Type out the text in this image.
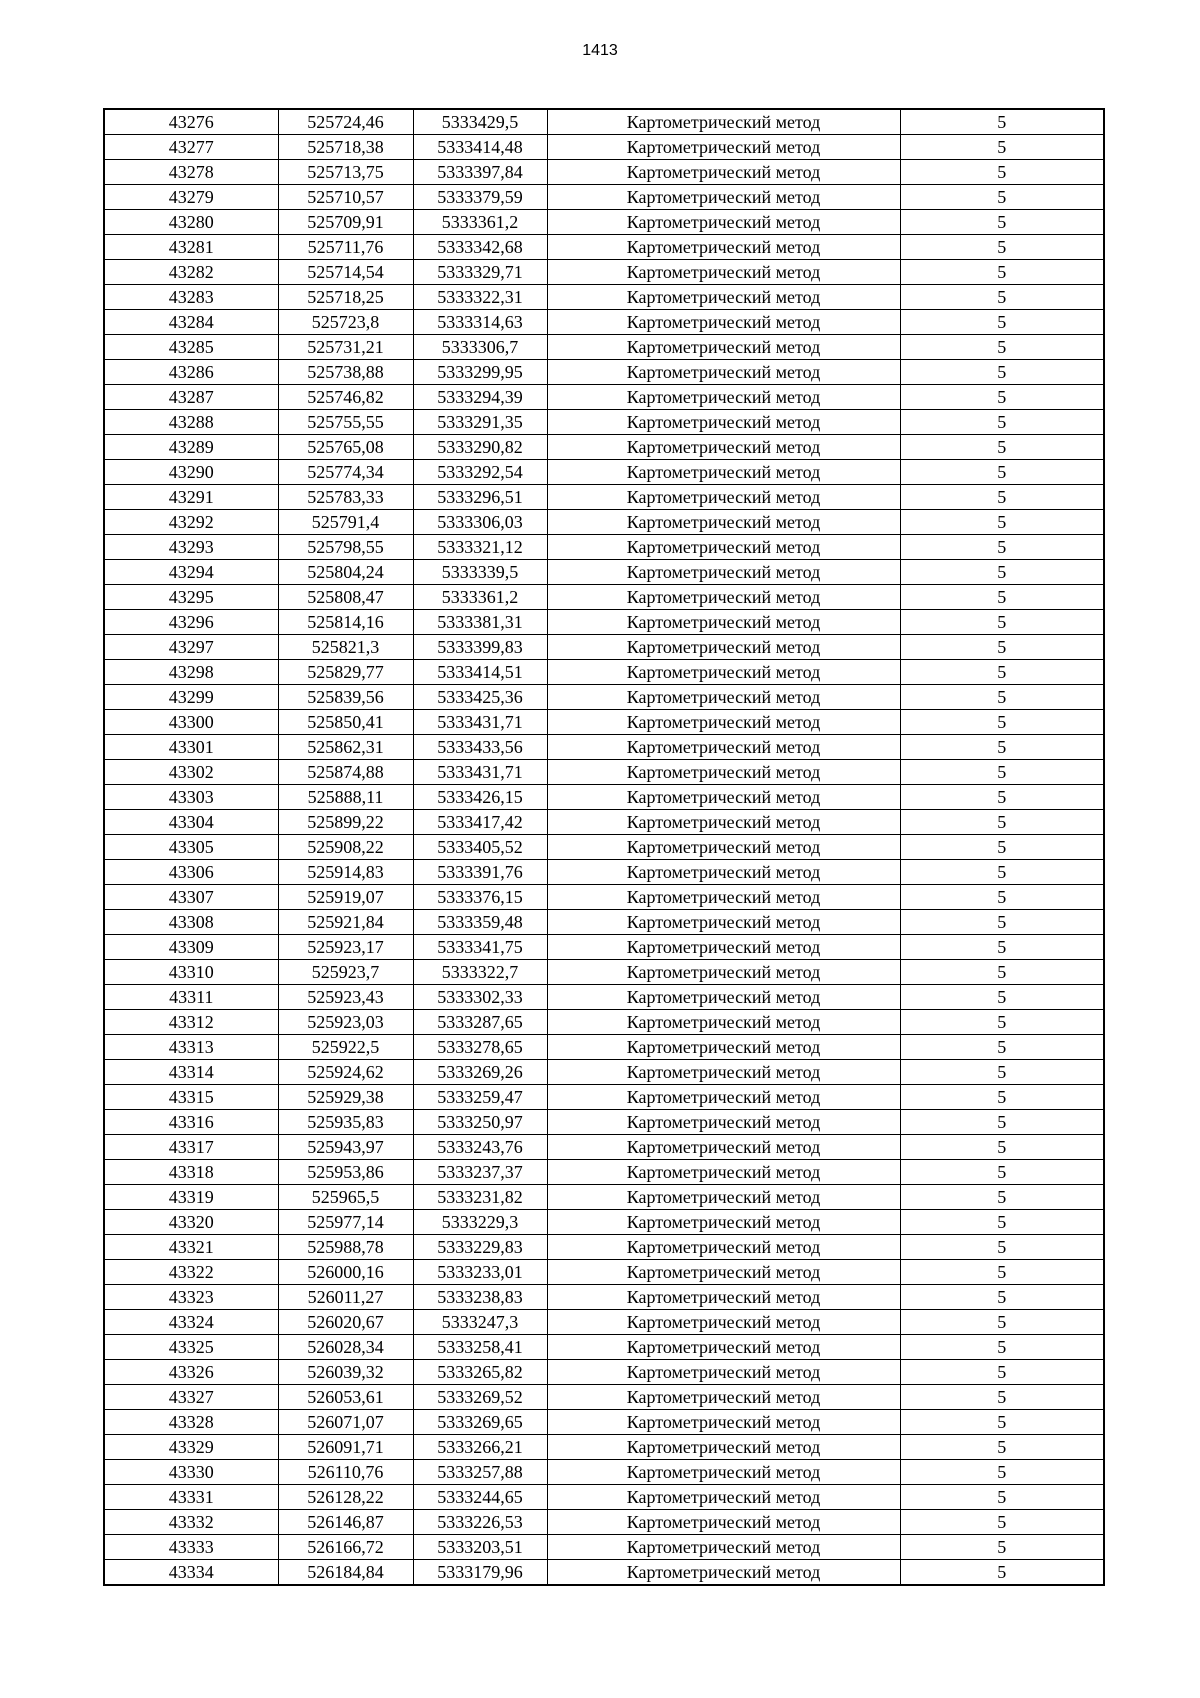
1413
43276	525724,46	5333429,5	Картометрический метод	5
43277	525718,38	5333414,48	Картометрический метод	5
43278	525713,75	5333397,84	Картометрический метод	5
43279	525710,57	5333379,59	Картометрический метод	5
43280	525709,91	5333361,2	Картометрический метод	5
43281	525711,76	5333342,68	Картометрический метод	5
43282	525714,54	5333329,71	Картометрический метод	5
43283	525718,25	5333322,31	Картометрический метод	5
43284	525723,8	5333314,63	Картометрический метод	5
43285	525731,21	5333306,7	Картометрический метод	5
43286	525738,88	5333299,95	Картометрический метод	5
43287	525746,82	5333294,39	Картометрический метод	5
43288	525755,55	5333291,35	Картометрический метод	5
43289	525765,08	5333290,82	Картометрический метод	5
43290	525774,34	5333292,54	Картометрический метод	5
43291	525783,33	5333296,51	Картометрический метод	5
43292	525791,4	5333306,03	Картометрический метод	5
43293	525798,55	5333321,12	Картометрический метод	5
43294	525804,24	5333339,5	Картометрический метод	5
43295	525808,47	5333361,2	Картометрический метод	5
43296	525814,16	5333381,31	Картометрический метод	5
43297	525821,3	5333399,83	Картометрический метод	5
43298	525829,77	5333414,51	Картометрический метод	5
43299	525839,56	5333425,36	Картометрический метод	5
43300	525850,41	5333431,71	Картометрический метод	5
43301	525862,31	5333433,56	Картометрический метод	5
43302	525874,88	5333431,71	Картометрический метод	5
43303	525888,11	5333426,15	Картометрический метод	5
43304	525899,22	5333417,42	Картометрический метод	5
43305	525908,22	5333405,52	Картометрический метод	5
43306	525914,83	5333391,76	Картометрический метод	5
43307	525919,07	5333376,15	Картометрический метод	5
43308	525921,84	5333359,48	Картометрический метод	5
43309	525923,17	5333341,75	Картометрический метод	5
43310	525923,7	5333322,7	Картометрический метод	5
43311	525923,43	5333302,33	Картометрический метод	5
43312	525923,03	5333287,65	Картометрический метод	5
43313	525922,5	5333278,65	Картометрический метод	5
43314	525924,62	5333269,26	Картометрический метод	5
43315	525929,38	5333259,47	Картометрический метод	5
43316	525935,83	5333250,97	Картометрический метод	5
43317	525943,97	5333243,76	Картометрический метод	5
43318	525953,86	5333237,37	Картометрический метод	5
43319	525965,5	5333231,82	Картометрический метод	5
43320	525977,14	5333229,3	Картометрический метод	5
43321	525988,78	5333229,83	Картометрический метод	5
43322	526000,16	5333233,01	Картометрический метод	5
43323	526011,27	5333238,83	Картометрический метод	5
43324	526020,67	5333247,3	Картометрический метод	5
43325	526028,34	5333258,41	Картометрический метод	5
43326	526039,32	5333265,82	Картометрический метод	5
43327	526053,61	5333269,52	Картометрический метод	5
43328	526071,07	5333269,65	Картометрический метод	5
43329	526091,71	5333266,21	Картометрический метод	5
43330	526110,76	5333257,88	Картометрический метод	5
43331	526128,22	5333244,65	Картометрический метод	5
43332	526146,87	5333226,53	Картометрический метод	5
43333	526166,72	5333203,51	Картометрический метод	5
43334	526184,84	5333179,96	Картометрический метод	5
